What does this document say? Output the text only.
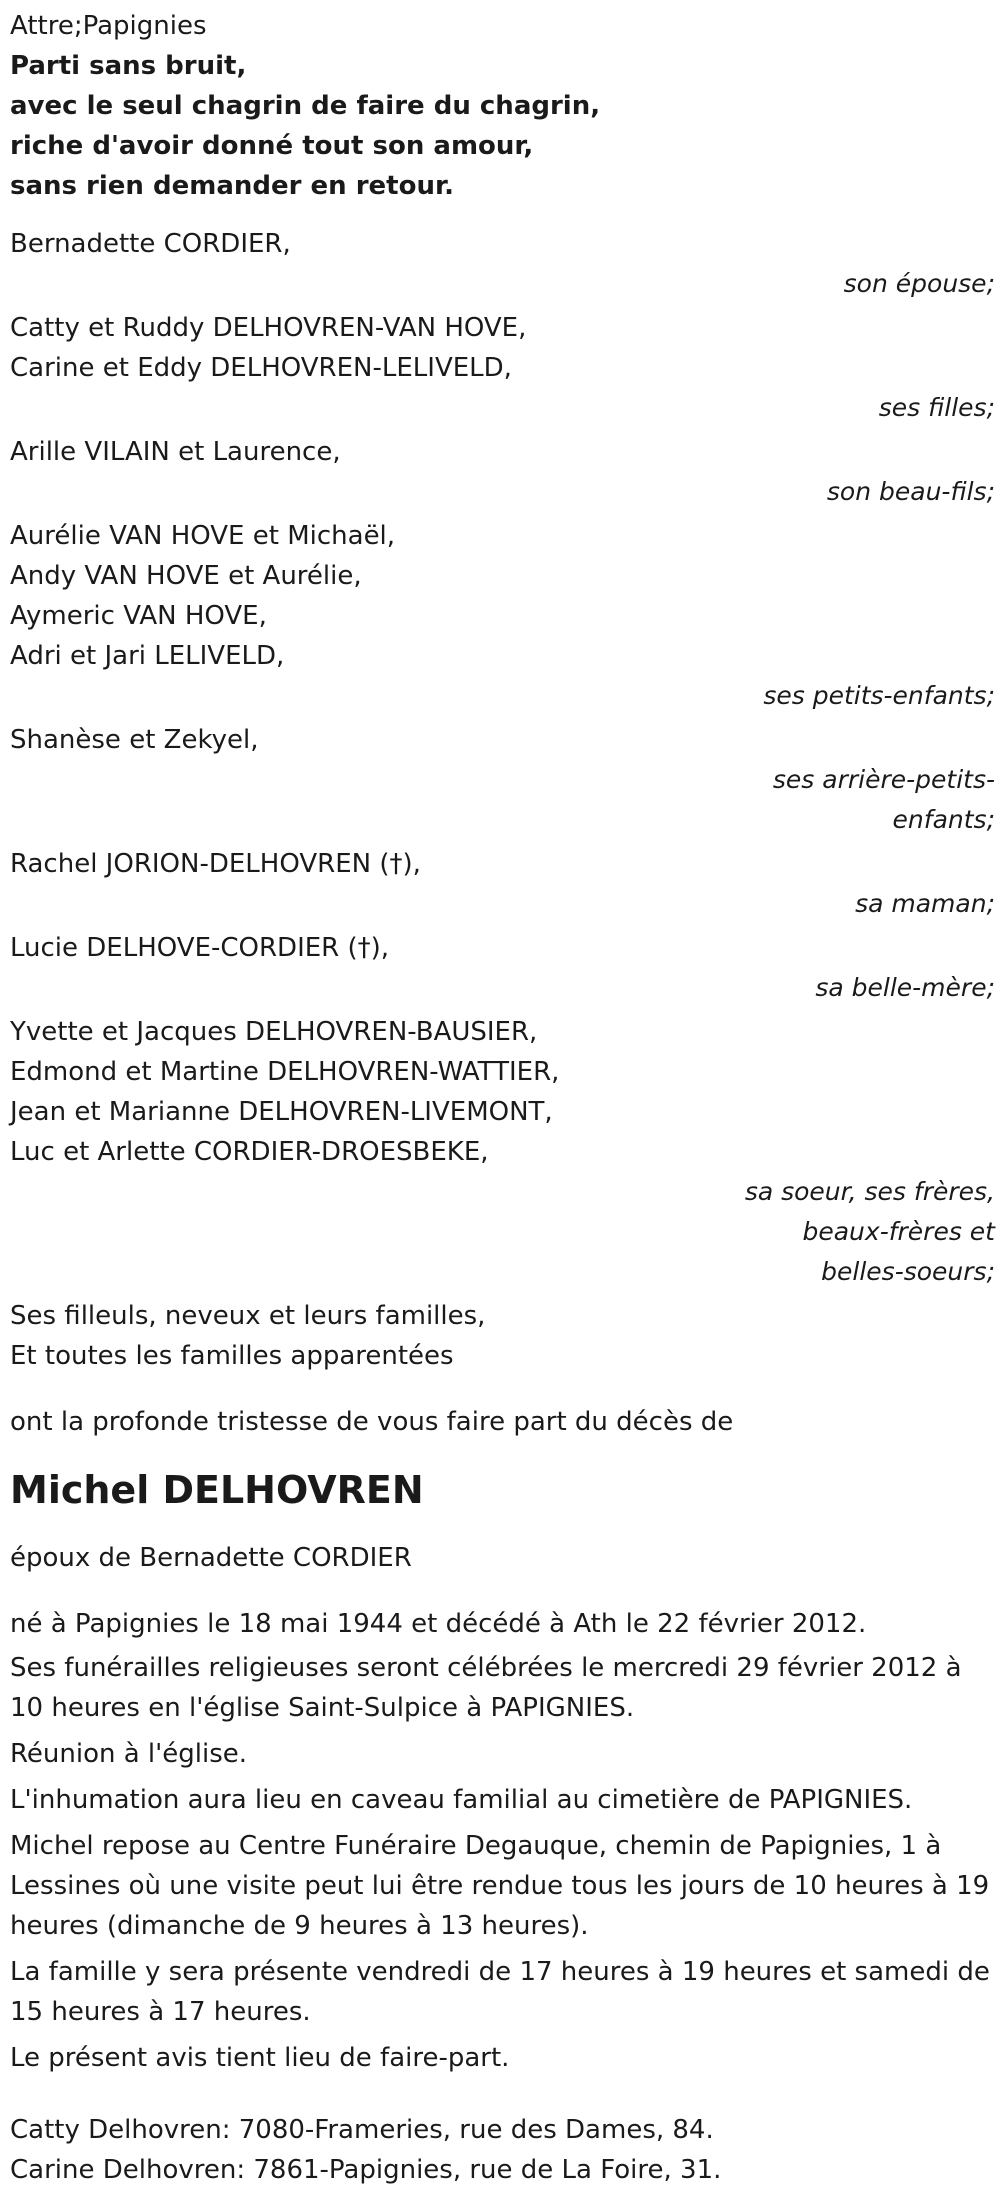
Attre;Papignies
Parti sans bruit,
avec le seul chagrin de faire du chagrin,
riche d'avoir donné tout son amour,
sans rien demander en retour.
Bernadette CORDIER,
son épouse;
Catty et Ruddy DELHOVREN-VAN HOVE,
Carine et Eddy DELHOVREN-LELIVELD,
ses filles;
Arille VILAIN et Laurence,
son beau-fils;
Aurélie VAN HOVE et Michaël,
Andy VAN HOVE et Aurélie,
Aymeric VAN HOVE,
Adri et Jari LELIVELD,
ses petits-enfants;
Shanèse et Zekyel,
ses arrière-petits-
enfants;
Rachel JORION-DELHOVREN (†),
sa maman;
Lucie DELHOVE-CORDIER (†),
sa belle-mère;
Yvette et Jacques DELHOVREN-BAUSIER,
Edmond et Martine DELHOVREN-WATTIER,
Jean et Marianne DELHOVREN-LIVEMONT,
Luc et Arlette CORDIER-DROESBEKE,
sa soeur, ses frères,
beaux-frères et
belles-soeurs;
Ses filleuls, neveux et leurs familles,
Et toutes les familles apparentées
ont la profonde tristesse de vous faire part du décès de
Michel DELHOVREN
époux de Bernadette CORDIER
né à Papignies le 18 mai 1944 et décédé à Ath le 22 février 2012.
Ses funérailles religieuses seront célébrées le mercredi 29 février 2012 à 10 heures en l'église Saint-Sulpice à PAPIGNIES.
Réunion à l'église.
L'inhumation aura lieu en caveau familial au cimetière de PAPIGNIES.
Michel repose au Centre Funéraire Degauque, chemin de Papignies, 1 à Lessines où une visite peut lui être rendue tous les jours de 10 heures à 19 heures (dimanche de 9 heures à 13 heures).
La famille y sera présente vendredi de 17 heures à 19 heures et samedi de 15 heures à 17 heures.
Le présent avis tient lieu de faire-part.
Catty Delhovren: 7080-Frameries, rue des Dames, 84.
Carine Delhovren: 7861-Papignies, rue de La Foire, 31.
